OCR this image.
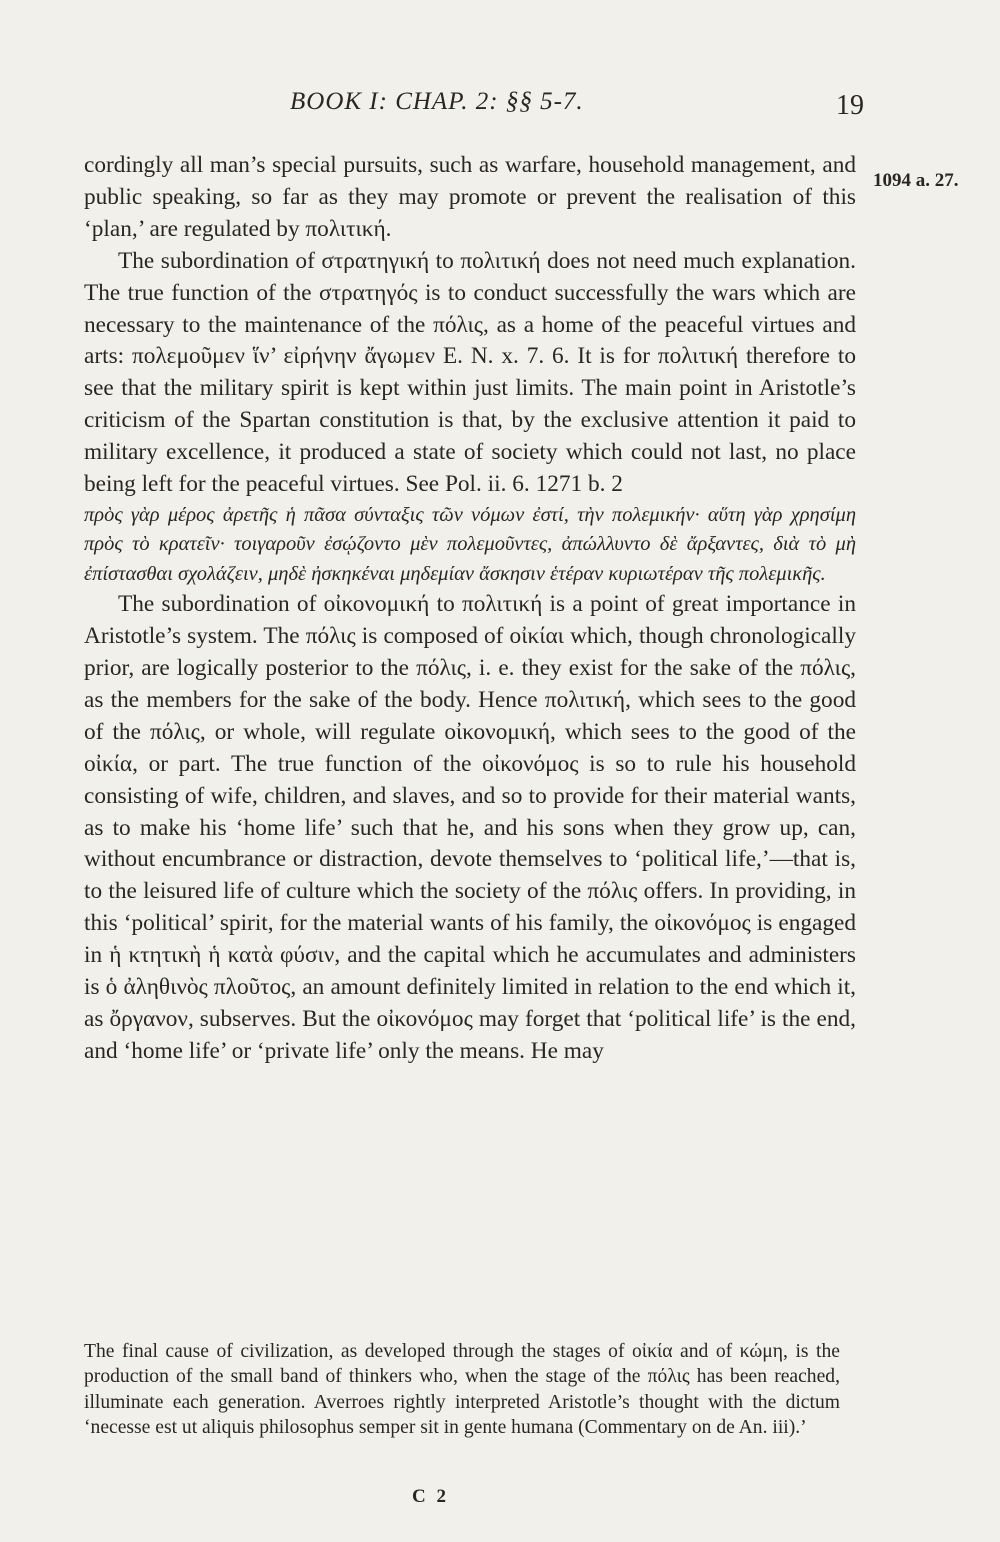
BOOK I: CHAP. 2: §§ 5-7.	19
1094 a. 27.

cordingly all man’s special pursuits, such as warfare, household management, and public speaking, so far as they may promote or prevent the realisation of this ‘plan,’ are regulated by πολιτική.

The subordination of στρατηγική to πολιτική does not need much explanation. The true function of the στρατηγός is to conduct successfully the wars which are necessary to the maintenance of the πόλις, as a home of the peaceful virtues and arts: πολεμοῦμεν ἵν’ εἰρήνην ἄγωμεν E. N. x. 7. 6. It is for πολιτική therefore to see that the military spirit is kept within just limits. The main point in Aristotle’s criticism of the Spartan constitution is that, by the exclusive attention it paid to military excellence, it produced a state of society which could not last, no place being left for the peaceful virtues. See Pol. ii. 6. 1271 b. 2

πρὸς γὰρ μέρος ἀρετῆς ἡ πᾶσα σύνταξις τῶν νόμων ἐστί, τὴν πολεμικήν· αὕτη γὰρ χρησίμη πρὸς τὸ κρατεῖν· τοιγαροῦν ἐσῴζοντο μὲν πολεμοῦντες, ἀπώλλυντο δὲ ἄρξαντες, διὰ τὸ μὴ ἐπίστασθαι σχολάζειν, μηδὲ ἠσκηκέναι μηδεμίαν ἄσκησιν ἑτέραν κυριωτέραν τῆς πολεμικῆς.

The subordination of οἰκονομική to πολιτική is a point of great importance in Aristotle’s system. The πόλις is composed of οἰκίαι which, though chronologically prior, are logically posterior to the πόλις, i. e. they exist for the sake of the πόλις, as the members for the sake of the body. Hence πολιτική, which sees to the good of the πόλις, or whole, will regulate οἰκονομική, which sees to the good of the οἰκία, or part. The true function of the οἰκονόμος is so to rule his household consisting of wife, children, and slaves, and so to provide for their material wants, as to make his ‘home life’ such that he, and his sons when they grow up, can, without encumbrance or distraction, devote themselves to ‘political life,’—that is, to the leisured life of culture which the society of the πόλις offers. In providing, in this ‘political’ spirit, for the material wants of his family, the οἰκονόμος is engaged in ἡ κτητικὴ ἡ κατὰ φύσιν, and the capital which he accumulates and administers is ὁ ἀληθινὸς πλοῦτος, an amount definitely limited in relation to the end which it, as ὄργανον, subserves. But the οἰκονόμος may forget that ‘political life’ is the end, and ‘home life’ or ‘private life’ only the means. He may

The final cause of civilization, as developed through the stages of οἰκία and of κώμη, is the production of the small band of thinkers who, when the stage of the πόλις has been reached, illuminate each generation. Averroes rightly interpreted Aristotle’s thought with the dictum ‘necesse est ut aliquis philosophus semper sit in gente humana (Commentary on de An. iii).’

C 2
